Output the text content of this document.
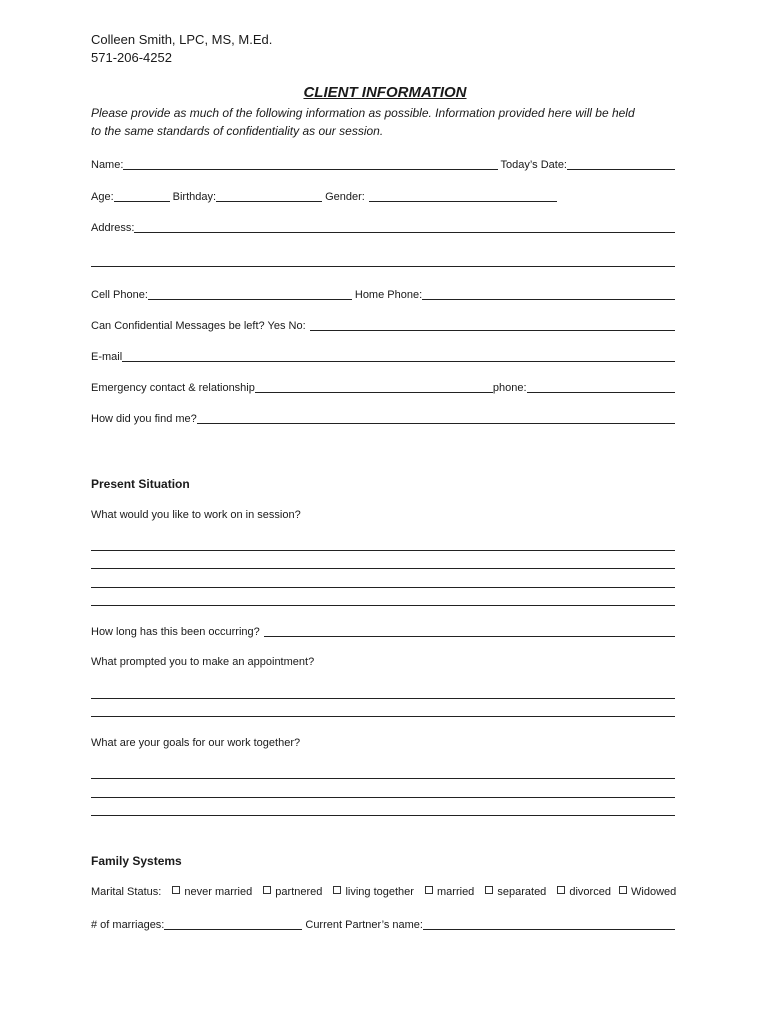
Colleen Smith, LPC, MS, M.Ed.
571-206-4252
CLIENT INFORMATION
Please provide as much of the following information as possible. Information provided here will be held
to the same standards of confidentiality as our session.
Name:	Today’s Date:
Age:	Birthday:	Gender:
Address:
Cell Phone:	Home Phone:
Can Confidential Messages be left? Yes No:
E-mail
Emergency contact & relationship	phone:
How did you find me?
Present Situation
What would you like to work on in session?
How long has this been occurring?
What prompted you to make an appointment?
What are your goals for our work together?
Family Systems
Marital Status: never married partnered living together married separated divorced Widowed
# of marriages:	Current Partner’s name:
